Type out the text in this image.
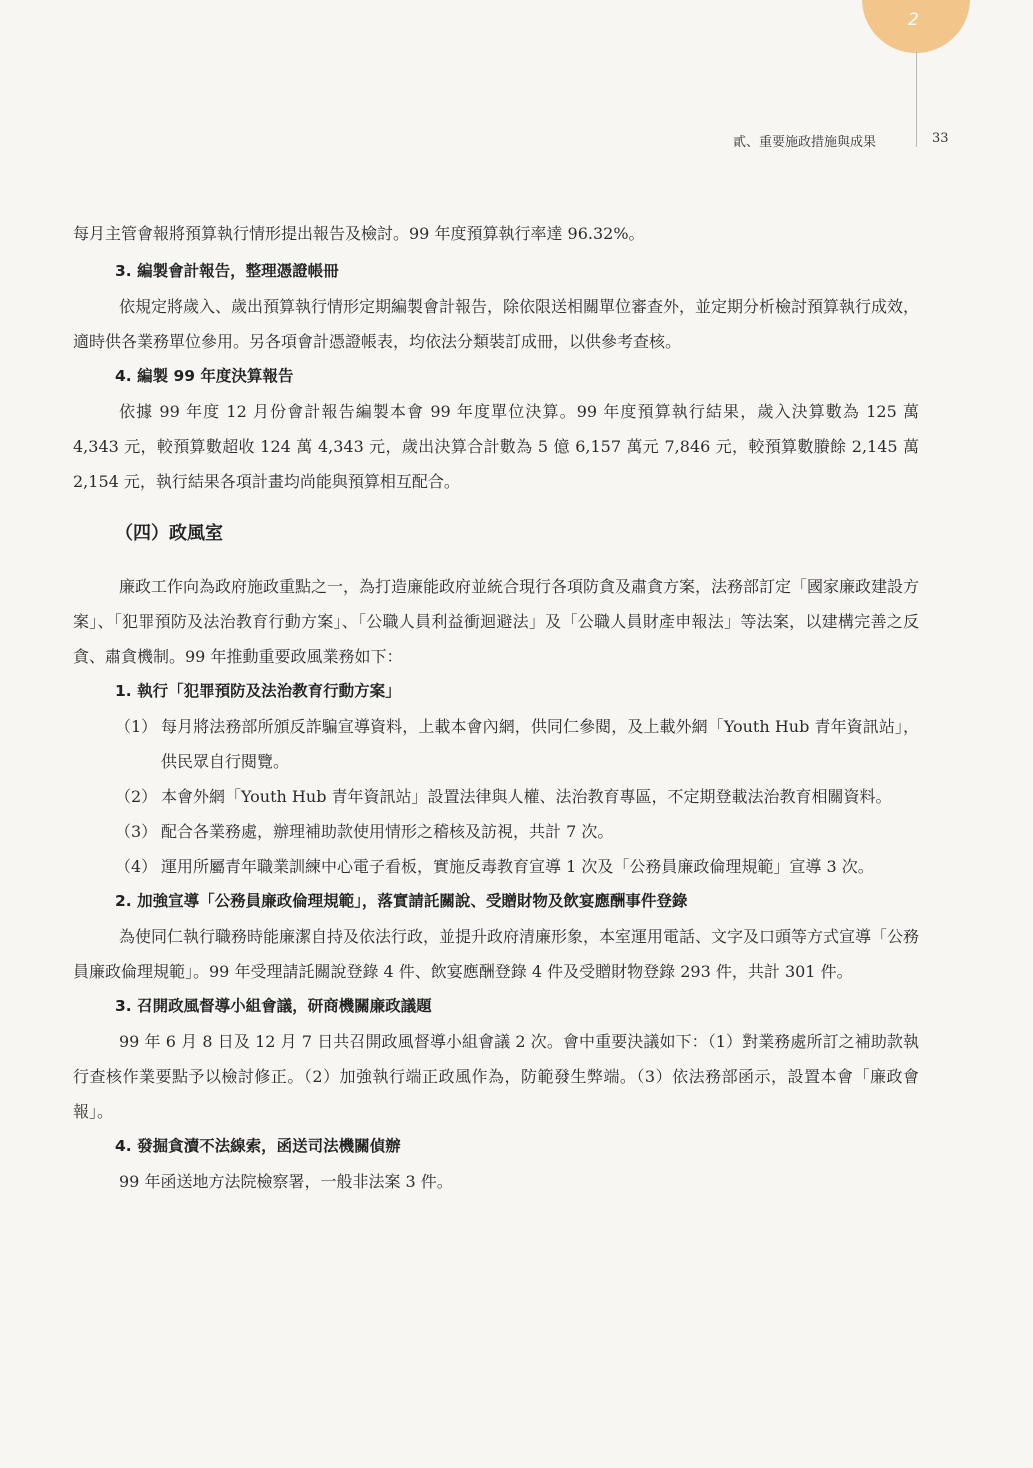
2
貳、重要施政措施與成果	33

每月主管會報將預算執行情形提出報告及檢討。99 年度預算執行率達 96.32%。

3. 編製會計報告，整理憑證帳冊

依規定將歲入、歲出預算執行情形定期編製會計報告，除依限送相關單位審查外，並定期分析檢討預算執行成效，適時供各業務單位參用。另各項會計憑證帳表，均依法分類裝訂成冊，以供參考查核。

4. 編製 99 年度決算報告

依據 99 年度 12 月份會計報告編製本會 99 年度單位決算。99 年度預算執行結果，歲入決算數為 125 萬 4,343 元，較預算數超收 124 萬 4,343 元，歲出決算合計數為 5 億 6,157 萬元 7,846 元，較預算數賸餘 2,145 萬 2,154 元，執行結果各項計畫均尚能與預算相互配合。

（四）政風室

廉政工作向為政府施政重點之一，為打造廉能政府並統合現行各項防貪及肅貪方案，法務部訂定「國家廉政建設方案」、「犯罪預防及法治教育行動方案」、「公職人員利益衝迴避法」及「公職人員財產申報法」等法案，以建構完善之反貪、肅貪機制。99 年推動重要政風業務如下：

1. 執行「犯罪預防及法治教育行動方案」
（1） 每月將法務部所頒反詐騙宣導資料，上載本會內網，供同仁參閱，及上載外網「Youth Hub 青年資訊站」，供民眾自行閱覽。
（2） 本會外網「Youth Hub 青年資訊站」設置法律與人權、法治教育專區，不定期登載法治教育相關資料。
（3） 配合各業務處，辦理補助款使用情形之稽核及訪視，共計 7 次。
（4） 運用所屬青年職業訓練中心電子看板，實施反毒教育宣導 1 次及「公務員廉政倫理規範」宣導 3 次。
2. 加強宣導「公務員廉政倫理規範」，落實請託關說、受贈財物及飲宴應酬事件登錄

為使同仁執行職務時能廉潔自持及依法行政，並提升政府清廉形象，本室運用電話、文字及口頭等方式宣導「公務員廉政倫理規範」。99 年受理請託關說登錄 4 件、飲宴應酬登錄 4 件及受贈財物登錄 293 件，共計 301 件。

3. 召開政風督導小組會議，研商機關廉政議題

99 年 6 月 8 日及 12 月 7 日共召開政風督導小組會議 2 次。會中重要決議如下：（1）對業務處所訂之補助款執行查核作業要點予以檢討修正。（2）加強執行端正政風作為，防範發生弊端。（3）依法務部函示，設置本會「廉政會報」。

4. 發掘貪瀆不法線索，函送司法機關偵辦

99 年函送地方法院檢察署，一般非法案 3 件。
